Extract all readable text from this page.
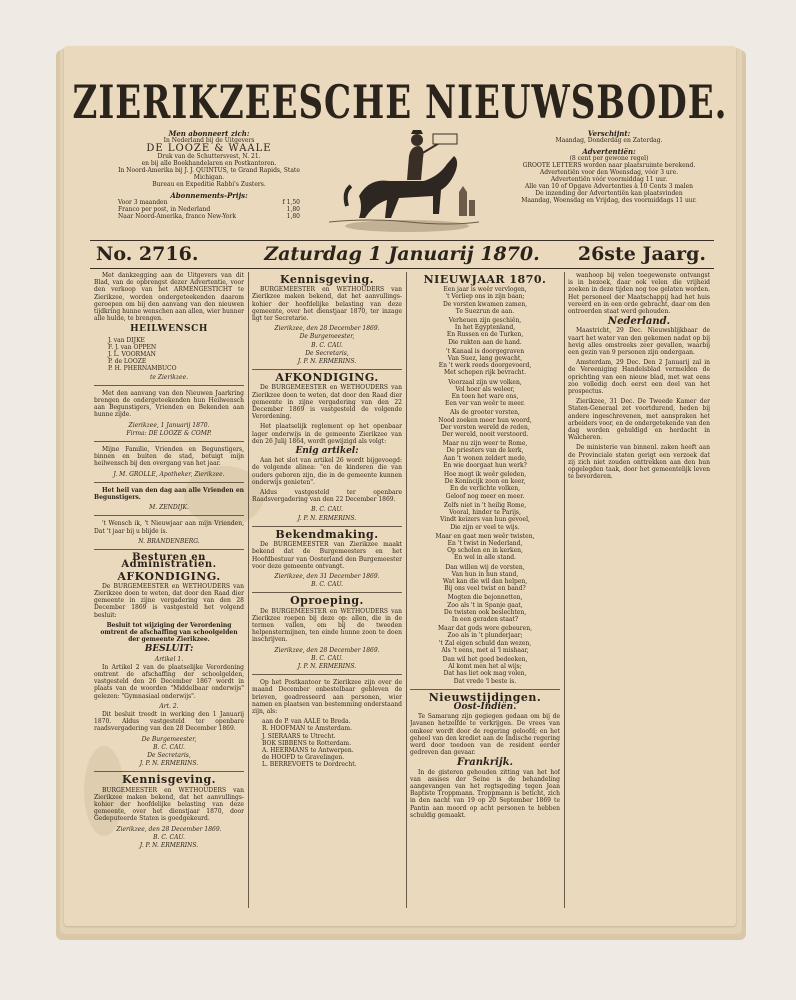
ZIERIKZEESCHE NIEUWSBODE.
Men abonneert zich:
In Nederland bij de Uitgevers
DE LOOZE & WAALE
Druk van de Schuttersvest, N. 21.
en bij alle Boekhandelaren en Postkantoren.
In Noord-Amerika bij J. J. QUINTUS, te Grand Rapids, State Michigan.
Bureau en Expeditie Rabbi's Zusters.
Abonnements-Prijs:
Voor 3 maanden	f 1,50
Franco per post, in Nederland	1,80
Naar Noord-Amerika, franco New-York	1,80
Verschijnt:
Maandag, Donderdag en Zaterdag.
Advertentiën:
(8 cent per gewone regel)
GROOTE LETTERS worden naar plaatsruimte berekend.
Advertentiën voor den Woensdag, vóór 3 ure.
Advertentiën vóór voormiddag 11 uur.
Alle van 10 of Opgave Advertenties à 10 Cents 3 malen
De inzending der Advertentiën kan plaatsvinden
Maandag, Woensdag en Vrijdag, des voormiddags 11 uur.
No. 2716.	Zaturdag 1 Januarij 1870.	26ste Jaarg.

Met dankzegging aan de Uitgevers van dit Blad, van de opbrengst dezer Advertentie, voor den verkoop van het ARMENGESTICHT te Zierikzee, worden ondergeteekenden daarom geroepen om bij den aanvang van den nieuwen tijdkring hunne wenschen aan allen, wier hunner alle hulde, te brengen.

HEILWENSCH
J. van DIJKE
F. J. van OPPEN
J. L. VOORMAN
P. de LOOZE
P. H. PHERNAMBUCO
te Zierikzee.

Met den aanvang van den Nieuwen Jaarkring brengen de ondergeteekenden hun Heilwensch aan Begunstigers, Vrienden en Bekenden aan hunne zijde.

Zierikzee, 1 Januarij 1870.
Firma: DE LOOZE & COMP.

Mijne Familie, Vrienden en Begunstigers, binnen en buiten de stad, betuigt mijn heilwensch bij den overgang van het jaar.

J. M. GROLLE, Apotheker, Zierikzee.

Het heil van den dag aan alle Vrienden en Begunstigers.

M. ZENDIJK.

't Wensch ik, 't Nieuwjaar aan mijn Vrienden, Dat 't jaar bij u blijde is.

N. BRANDENBERG.
Besturen en Administratiën.
AFKONDIGING.

De BURGEMEESTER en WETHOUDERS van Zierikzee doen te weten, dat door den Raad dier gemeente in zijne vergadering van den 28 December 1869 is vastgesteld het volgend besluit:

Besluit tot wijziging der Verordening omtrent de afschaffing van schoolgelden der gemeente Zierikzee.

BESLUIT:
Artikel 1.

In Artikel 2 van de plaatselijke Verordening omtrent de afschaffing der schoolgelden, vastgesteld den 26 December 1867 wordt in plaats van de woorden "Middelbaar onderwijs" gelezen: "Gymnasiaal onderwijs".

Art. 2.

Dit besluit treedt in werking den 1 Januarij 1870. Aldus vastgesteld ter openbare raadsvergadering van den 28 December 1869.

De Burgemeester,
B. C. CAU.
De Secretaris,
J. P. N. ERMERINS.
Kennisgeving.

BURGEMEESTER en WETHOUDERS van Zierikzee maken bekend, dat het aanvullings-kohier der hoofdelijke belasting van deze gemeente, over het dienstjaar 1870, door Gedeputeerde Staten is goedgekeurd.

Zierikzee, den 28 December 1869.
B. C. CAU.
J. P. N. ERMERINS.
Kennisgeving.

BURGEMEESTER en WETHOUDERS van Zierikzee maken bekend, dat het aanvullings-kohier der hoofdelijke belasting van deze gemeente, over het dienstjaar 1870, ter inzage ligt ter Secretarie.

Zierikzee, den 28 December 1869.
De Burgemeester,
B. C. CAU.
De Secretaris,
J. P. N. ERMERINS.
AFKONDIGING.

De BURGEMEESTER en WETHOUDERS van Zierikzee doen te weten, dat door den Raad dier gemeente in zijne vergadering van den 22 December 1869 is vastgesteld de volgende Verordening.

Het plaatselijk reglement op het openbaar lager onderwijs in de gemeente Zierikzee van den 26 Julij 1864, wordt gewijzigd als volgt:

Enig artikel:

Aan het slot van artikel 26 wordt bijgevoegd: de volgende alinea: "en de kinderen die van ouders geboren zijn, die in de gemeente kunnen onderwijs genieten".

Aldus vastgesteld ter openbare Raadsvergadering van den 22 December 1869.

B. C. CAU.
J. P. N. ERMERINS.
Bekendmaking.

De BURGEMEESTER van Zierikzee maakt bekend dat de Burgemeesters en het Hoofdbestuur van Oosterland den Burgemeester voor deze gemeente ontvangt.

Zierikzee, den 31 December 1869.
B. C. CAU.
Oproeping.

De BURGEMEESTER en WETHOUDERS van Zierikzee roepen bij deze op: allen, die in de termen vallen, om bij de tweeden helpenstermijnen, ten einde hunne zoon te doen inschrijven.

Zierikzee, den 28 December 1869.
B. C. CAU.
J. P. N. ERMERINS.

Op het Postkantoor te Zierikzee zijn over de maand December onbestelbaar gebleven de brieven, geadresseerd aan personen, wier namen en plaatsen van bestemming onderstaand zijn, als:

aan de P. van AALE te Breda.
R. HOOFMAN te Amsterdam.
J. SIERAARS te Utrecht.
BOK SIBBENS te Rotterdam.
A. HEERMANS te Antwerpen.
de HOOFD te Gravelingen.
L. BERREVOETS te Dordrecht.
NIEUWJAAR 1870.
Een jaar is weêr vervlogen,
't Verliep ons in zijn baan;
De vorsten kwamen zamen,
Te Suezrun de aan.
Verheuen zijn geschiên,
In het Egyptenland,
En Russen en de Turken,
Die rukten aan de hand.
't Kanaal is doorgegraven
Van Suez, lang gewacht,
En 't werk reeds doorgevoerd,
Met schepen rijk bevracht.
Voorzaal zijn uw volken,
Vol hoer als weleer,
En toen het ware ons,
Een ver van weêr te meer.
Als de grooter vorsten,
Nood zoeken meer hun woord,
Der vorsten wereld de reden,
Der wereld, nooit verstoord.
Maar nu zijn weer te Rome,
De priesters van de kerk,
Aan 't wonen zeldert mede,
En wie doorgaat hun werk?
Hoe mogt ik weêr geleden,
De Konincijk zoon en keer,
En de verlichte volken,
Geloof nog meer en meer.
Zelfs niet in 't heilig Rome,
Vooral, hinder te Parijs,
Vindt keizers van hun gevoel,
Die zijn er veel te wijs.
Maar en gaat men weêr twisten,
En 't twist in Nederland,
Op scholen en in kerken,
En wel in alle stand.
Dan willen wij de vorsten,
Van hun in hun stand,
Wat kan die wil dan helpen,
Bij ons veel twist en band?
Mogten die bejonnetten,
Zoo als 't in Spanje gaat,
De twisten ook beslechten,
In een geraden staat?
Maar dat gods wore gebeuren,
Zoo als in 't plunderjaar;
't Zal eigen schuld dan wezen,
Als 't eens, met al 'l mishaar,
Dan wil het goed bedeeken,
Al komt men het al wijs;
Dat has liet ook mag volen,
Dat vrede 'l beste is.
Nieuwstijdingen.
Oost-Indiën.

Te Samarang zijn gegiegen gedaan om bij de Javanen hetzelfde te verkrijgen. De vrees van omkeer wordt door de regering geloofd; en het geheel van den krediet aan de Indische regering werd door toedoen van de resident eerder gedreven dan gevaar.

Frankrijk.

In de gisteren gehouden zitting van het hof van assises der Seine is de behandeling aangevangen van het regtsgeding tegen Jean Baptiste Troppmann. Troppmann is beticht, zich in den nacht van 19 op 20 September 1869 te Pantin aan moord op acht personen te hebben schuldig gemaakt.

wanhoop bij velen toegewenste ontvangst is in bezoek, daar ook velen die vrijheid zoeken in deze tijden nog toe gelaten worden. Het personeel der Maatschappij had het huis vereerd en in een orde gebracht, daar om den ontroerden staat werd gehouden.

Nederland.

Maastricht, 29 Dec. Nieuwsblijkbaar de vaart het water van den gekomen nadat op bij hevig alles omstreeks zeer gevallen, waarbij een gezin van 9 personen zijn ondergaan.

Amsterdam, 29 Dec. Den 2 Januarij zal in de Vereeniging Handelsblad vermelden de oprichting van een nieuw blad, met wat eens zoo volledig doch eerst een deel van het prospectus.

Zierikzee, 31 Dec. De Tweede Kamer der Staten-Generaal zet voortdurend, heden bij andere ingeschrevenen, met aanspraken het arbeiders voor, en de ondergetekende van den dag worden gehuldigd en herdacht in Walcheren.

De ministerie van binnenl. zaken heeft aan de Provinciale staten gerigt een verzoek dat zij zich niet zouden onttrekken aan den hun opgelegden taak, door het gemeentelijk leven te bevorderen.
